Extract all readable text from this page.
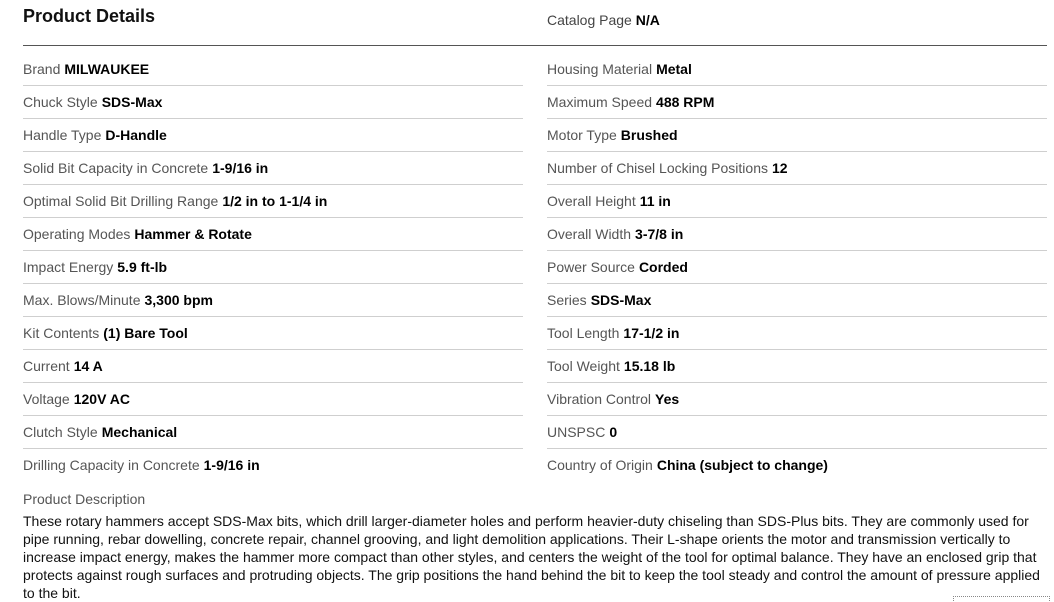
Product Details	Catalog Page N/A
Brand MILWAUKEE
Chuck Style SDS-Max
Handle Type D-Handle
Solid Bit Capacity in Concrete 1-9/16 in
Optimal Solid Bit Drilling Range 1/2 in to 1-1/4 in
Operating Modes Hammer & Rotate
Impact Energy 5.9 ft-lb
Max. Blows/Minute 3,300 bpm
Kit Contents (1) Bare Tool
Current 14 A
Voltage 120V AC
Clutch Style Mechanical
Drilling Capacity in Concrete 1-9/16 in
Housing Material Metal
Maximum Speed 488 RPM
Motor Type Brushed
Number of Chisel Locking Positions 12
Overall Height 11 in
Overall Width 3-7/8 in
Power Source Corded
Series SDS-Max
Tool Length 17-1/2 in
Tool Weight 15.18 lb
Vibration Control Yes
UNSPSC 0
Country of Origin China (subject to change)
Product Description
These rotary hammers accept SDS-Max bits, which drill larger-diameter holes and perform heavier-duty chiseling than SDS-Plus bits. They are commonly used for pipe running, rebar dowelling, concrete repair, channel grooving, and light demolition applications. Their L-shape orients the motor and transmission vertically to increase impact energy, makes the hammer more compact than other styles, and centers the weight of the tool for optimal balance. They have an enclosed grip that protects against rough surfaces and protruding objects. The grip positions the hand behind the bit to keep the tool steady and control the amount of pressure applied to the bit.
